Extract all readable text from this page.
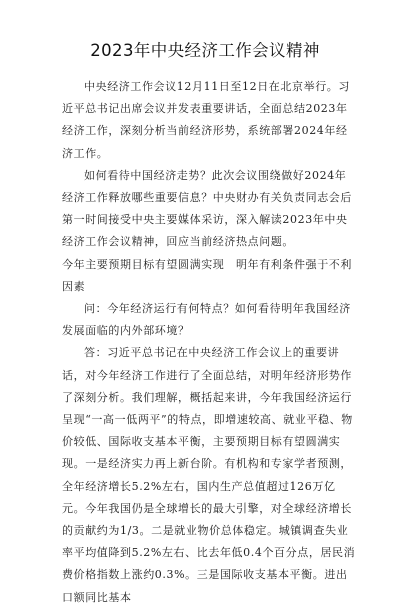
2023年中央经济工作会议精神

中央经济工作会议12月11日至12日在北京举行。习近平总书记出席会议并发表重要讲话，全面总结2023年经济工作，深刻分析当前经济形势，系统部署2024年经济工作。

如何看待中国经济走势？此次会议围绕做好2024年经济工作释放哪些重要信息？中央财办有关负责同志会后第一时间接受中央主要媒体采访，深入解读2023年中央经济工作会议精神，回应当前经济热点问题。

今年主要预期目标有望圆满实现　明年有利条件强于不利因素

问：今年经济运行有何特点？如何看待明年我国经济发展面临的内外部环境？

答：习近平总书记在中央经济工作会议上的重要讲话，对今年经济工作进行了全面总结，对明年经济形势作了深刻分析。我们理解，概括起来讲，今年我国经济运行呈现“一高一低两平”的特点，即增速较高、就业平稳、物价较低、国际收支基本平衡，主要预期目标有望圆满实现。一是经济实力再上新台阶。有机构和专家学者预测，全年经济增长5.2%左右，国内生产总值超过126万亿元。今年我国仍是全球增长的最大引擎，对全球经济增长的贡献约为1/3。二是就业物价总体稳定。城镇调查失业率平均值降到5.2%左右、比去年低0.4个百分点，居民消费价格指数上涨约0.3%。三是国际收支基本平衡。进出口额同比基本
